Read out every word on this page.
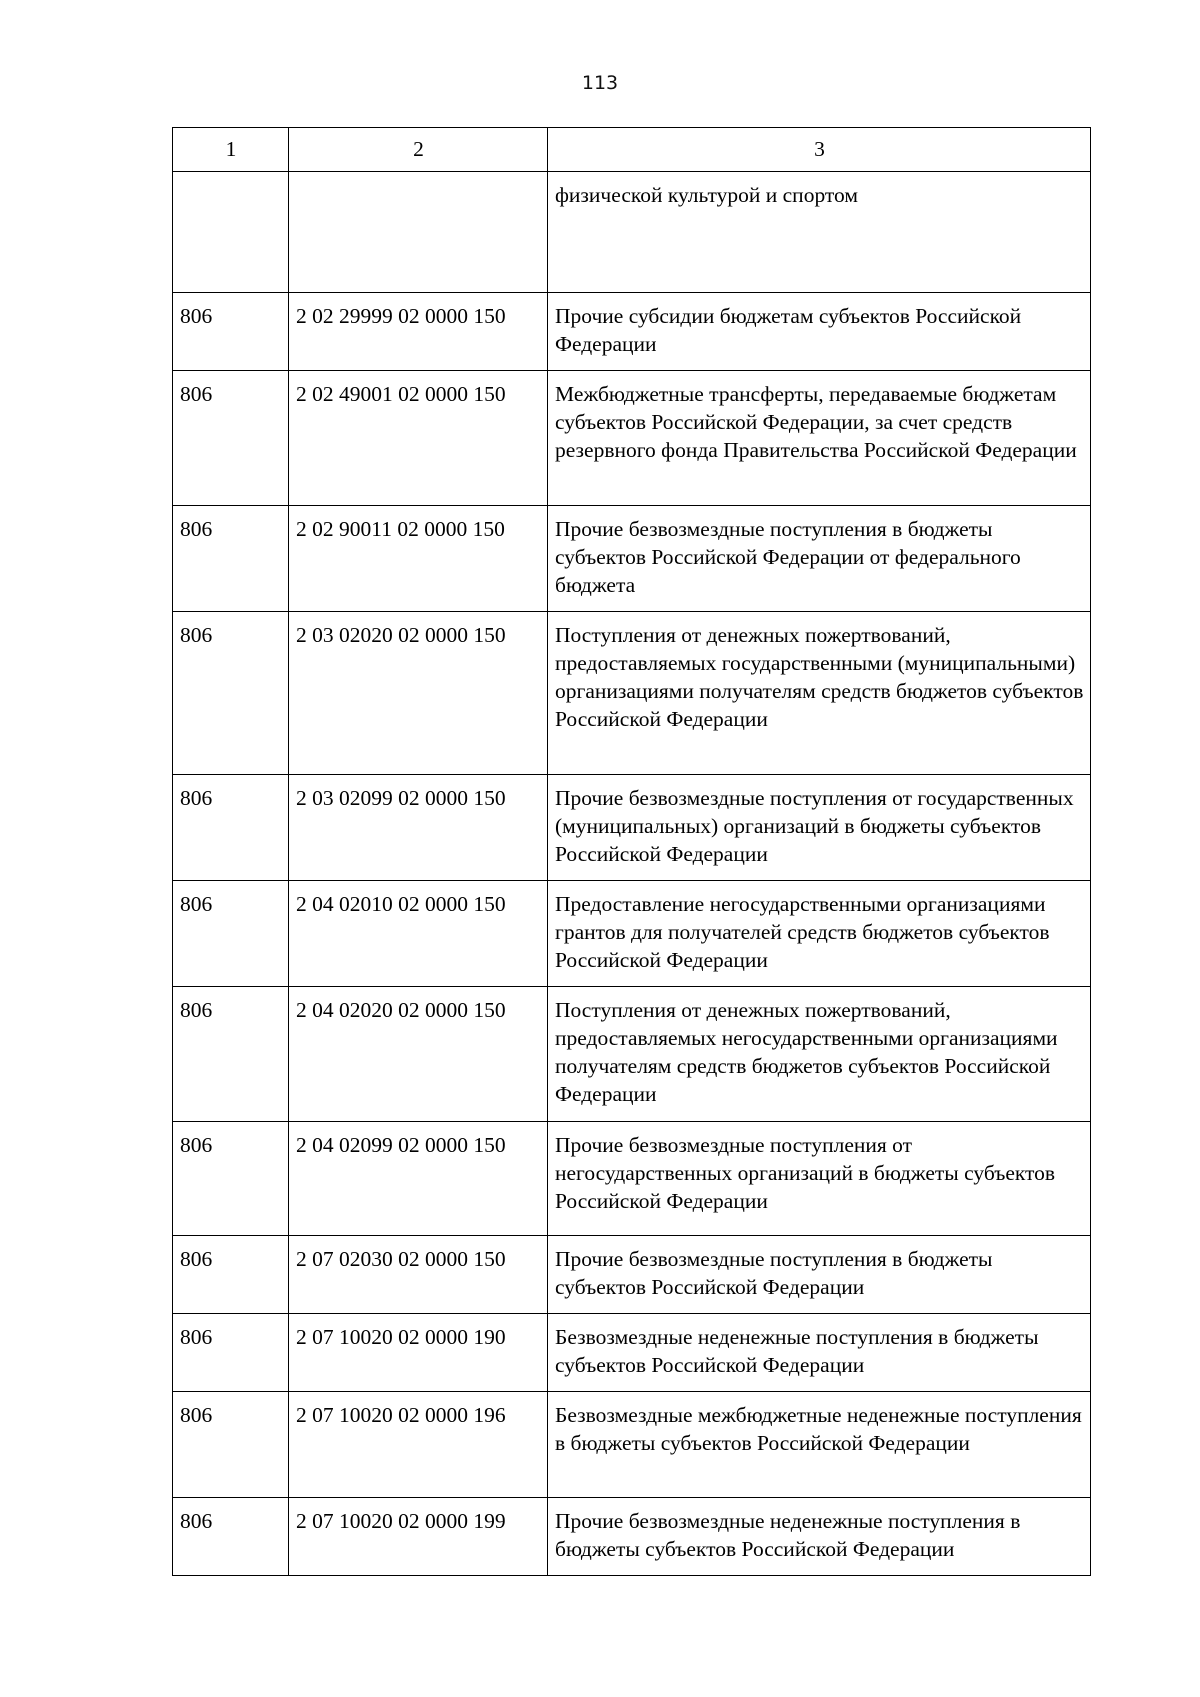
113
1	2	3
		физической культурой и спортом
806	2 02 29999 02 0000 150	Прочие субсидии бюджетам субъектов Российской Федерации
806	2 02 49001 02 0000 150	Межбюджетные трансферты, передаваемые бюджетам субъектов Российской Федерации, за счет средств резервного фонда Правительства Российской Федерации
806	2 02 90011 02 0000 150	Прочие безвозмездные поступления в бюджеты субъектов Российской Федерации от федерального бюджета
806	2 03 02020 02 0000 150	Поступления от денежных пожертвований, предоставляемых государственными (муниципальными) организациями получателям средств бюджетов субъектов Российской Федерации
806	2 03 02099 02 0000 150	Прочие безвозмездные поступления от государственных (муниципальных) организаций в бюджеты субъектов Российской Федерации
806	2 04 02010 02 0000 150	Предоставление негосударственными организациями грантов для получателей средств бюджетов субъектов Российской Федерации
806	2 04 02020 02 0000 150	Поступления от денежных пожертвований, предоставляемых негосударственными организациями получателям средств бюджетов субъектов Российской Федерации
806	2 04 02099 02 0000 150	Прочие безвозмездные поступления от негосударственных организаций в бюджеты субъектов Российской Федерации
806	2 07 02030 02 0000 150	Прочие безвозмездные поступления в бюджеты субъектов Российской Федерации
806	2 07 10020 02 0000 190	Безвозмездные неденежные поступления в бюджеты субъектов Российской Федерации
806	2 07 10020 02 0000 196	Безвозмездные межбюджетные неденежные поступления в бюджеты субъектов Российской Федерации
806	2 07 10020 02 0000 199	Прочие безвозмездные неденежные поступления в бюджеты субъектов Российской Федерации
